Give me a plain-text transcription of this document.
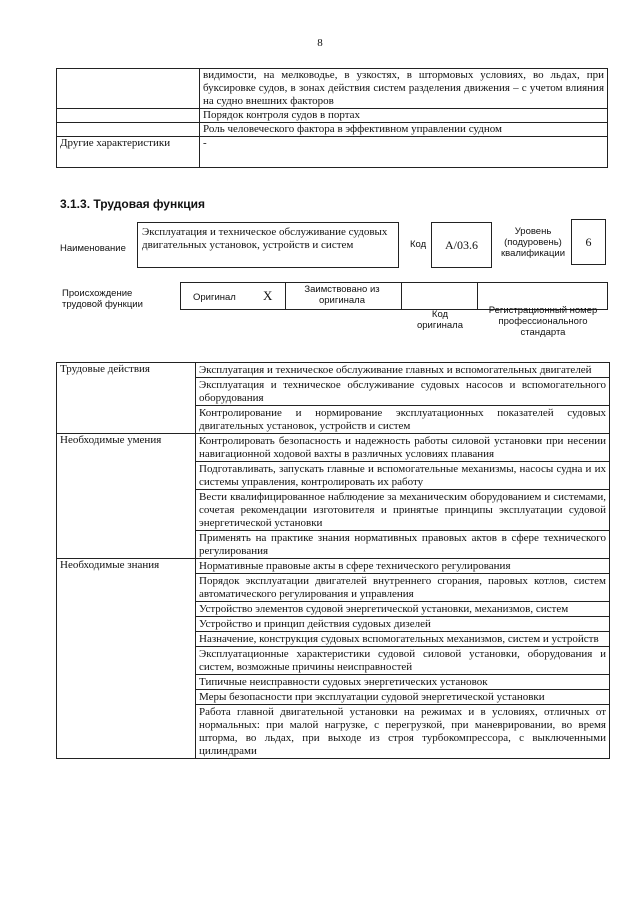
8
	видимости, на мелководье, в узкостях, в штормовых условиях, во льдах, при буксировке судов, в зонах действия систем разделения движения – с учетом влияния на судно внешних факторов
	Порядок контроля судов в портах
	Роль человеческого фактора в эффективном управлении судном
Другие характеристики	-
3.1.3. Трудовая функция
Наименование
Эксплуатация и техническое обслуживание судовых двигательных установок, устройств и систем	Код	А/03.6
Уровень (подуровень) квалификации
6
Происхождение трудовой функции
Оригинал X	Заимствовано из оригинала
Код оригинала
Регистрационный номер профессионального стандарта
Трудовые действия	Эксплуатация и техническое обслуживание главных и вспомогательных двигателей
	Эксплуатация и техническое обслуживание судовых насосов и вспомогательного оборудования
	Контролирование и нормирование эксплуатационных показателей судовых двигательных установок, устройств и систем
Необходимые умения	Контролировать безопасность и надежность работы силовой установки при несении навигационной ходовой вахты в различных условиях плавания
	Подготавливать, запускать главные и вспомогательные механизмы, насосы судна и их системы управления, контролировать их работу
	Вести квалифицированное наблюдение за механическим оборудованием и системами, сочетая рекомендации изготовителя и принятые принципы эксплуатации судовой энергетической установки
	Применять на практике знания нормативных правовых актов в сфере технического регулирования
Необходимые знания	Нормативные правовые акты в сфере технического регулирования
	Порядок эксплуатации двигателей внутреннего сгорания, паровых котлов, систем автоматического регулирования и управления
	Устройство элементов судовой энергетической установки, механизмов, систем
	Устройство и принцип действия судовых дизелей
	Назначение, конструкция судовых вспомогательных механизмов, систем и устройств
	Эксплуатационные характеристики судовой силовой установки, оборудования и систем, возможные причины неисправностей
	Типичные неисправности судовых энергетических установок
	Меры безопасности при эксплуатации судовой энергетической установки
	Работа главной двигательной установки на режимах и в условиях, отличных от нормальных: при малой нагрузке, с перегрузкой, при маневрировании, во время шторма, во льдах, при выходе из строя турбокомпрессора, с выключенными цилиндрами
